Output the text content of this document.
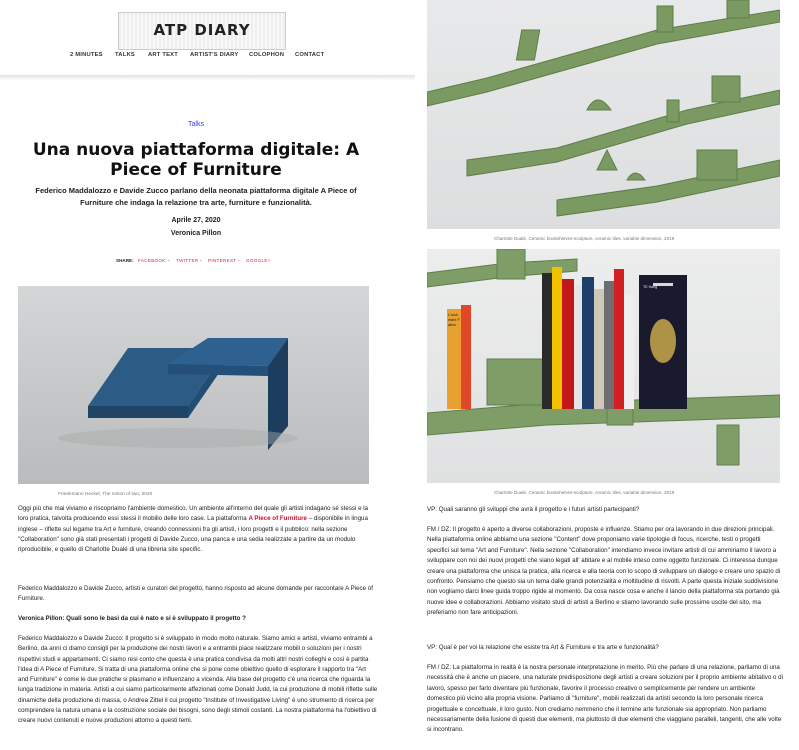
ATP DIARY
2 MINUTES TALKS ART TEXT ARTIST'S DIARY COLOPHON CONTACT
Talks
Una nuova piattaforma digitale: A Piece of Furniture

Federico Maddalozzo e Davide Zucco parlano della neonata piattaforma digitale A Piece of Furniture che indaga la relazione tra arte, furniture e funzionalità.

Aprile 27, 2020
Veronica Pillon
SHARE: FACEBOOK • TWITTER • PINTEREST • GOOGLE+
Friedemann Heckel, The notion of two, 2020

Oggi più che mai viviamo e riscopriamo l'ambiente domestico. Un ambiente all'interno del quale gli artisti indagano sé stessi e la loro pratica, talvolta producendo essi stessi il mobilio delle loro case. La piattaforma A Piece of Furniture – disponibile in lingua inglese – riflette sul legame tra Art e furniture, creando connessioni fra gli artisti, i loro progetti e il pubblico: nella sezione "Collaboration" sono già stati presentati i progetti di Davide Zucco, una panca e una sedia realizzate a partire da un modulo riproducibile, e quello di Charlotte Dualé di una libreria site specific.

Federico Maddalozzo e Davide Zucco, artisti e curatori del progetto, hanno risposto ad alcune domande per raccontare A Piece of Furniture.

Veronica Pillon: Quali sono le basi da cui è nato e si è sviluppato il progetto ?

Federico Maddalozzo e Davide Zucco: Il progetto si è sviluppato in modo molto naturale. Siamo amici e artisti, viviamo entrambi a Berlino, da anni ci diamo consigli per la produzione dei nostri lavori e a entrambi piace realizzare mobili o soluzioni per i nostri rispettivi studi e appartamenti. Ci siamo resi conto che questa è una pratica condivisa da molti altri nostri colleghi e così è partita l'idea di A Piece of Furniture. Si tratta di una piattaforma online che si pone come obiettivo quello di esplorare il rapporto tra "Art and Furniture" e come le due pratiche si plasmano e influenzano a vicenda. Alla base del progetto c'è una ricerca che riguarda la lunga tradizione in materia. Artisti a cui siamo particolarmente affezionati come Donald Judd, la cui produzione di mobili riflette sulle dinamiche della produzione di massa, o Andrea Zittel il cui progetto "Institute of Investigative Living" è uno strumento di ricerca per comprendere la natura umana e la costruzione sociale dei bisogni, sono degli stimoli costanti. La nostra piattaforma ha l'obiettivo di creare nuovi contenuti e nuove produzioni attorno a questi temi.

Charlotte Dualé, Ceramic bookshelves-sculpture, ceramic tiles, variable dimension, 2019
L'orchestre Fabric
TE Hang
Charlotte Dualé, Ceramic bookshelves-sculpture, ceramic tiles, variable dimension, 2019

VP: Quali saranno gli sviluppi che avrà il progetto e i futuri artisti partecipanti?

FM / DZ: Il progetto è aperto a diverse collaborazioni, proposte e influenze. Stiamo per ora lavorando in due direzioni principali. Nella piattaforma online abbiamo una sezione "Content" dove proponiamo varie tipologie di focus, ricerche, testi o progetti specifici sul tema "Art and Furniture". Nella sezione "Collaboration" intendiamo invece invitare artisti di cui ammiriamo il lavoro a sviluppare con noi dei nuovi progetti che siano legati all' abitare e al mobile inteso come oggetto funzionale. Ci interessa dunque creare una piattaforma che unisca la pratica, alla ricerca e alla teoria con lo scopo di sviluppare un dialogo e creare uno spazio di confronto. Pensiamo che questo sia un tema dalle grandi potenzialità e moltitudine di risvolti. A parte questa iniziale suddivisione non vogliamo darci linee guida troppo rigide al momento. Da cosa nasce cosa e anche il lancio della piattaforma sta portando già nuove idee e collaborazioni. Abbiamo visitato studi di artisti a Berlino e stiamo lavorando sulle prossime uscite del sito, ma preferiamo non fare anticipazioni.

VP: Qual è per voi la relazione che esiste tra Art & Furniture e tra arte e funzionalità?

FM / DZ: La piattaforma in realtà è la nostra personale interpretazione in merito. Più che parlare di una relazione, parliamo di una necessità che è anche un piacere, una naturale predisposizione degli artisti a creare soluzioni per il proprio ambiente abitativo o di lavoro, spesso per farlo diventare più funzionale, favorire il processo creativo o semplicemente per rendere un ambiente domestico più vicino alla propria visione. Parliamo di "furniture", mobili realizzati da artisti secondo la loro personale ricerca progettuale e concettuale, il loro gusto. Non crediamo nemmeno che il termine arte funzionale sia appropriato. Non parliamo necessariamente della fusione di questi due elementi, ma piuttosto di due elementi che viaggiano paralleli, tangenti, che alle volte si incontrano.
